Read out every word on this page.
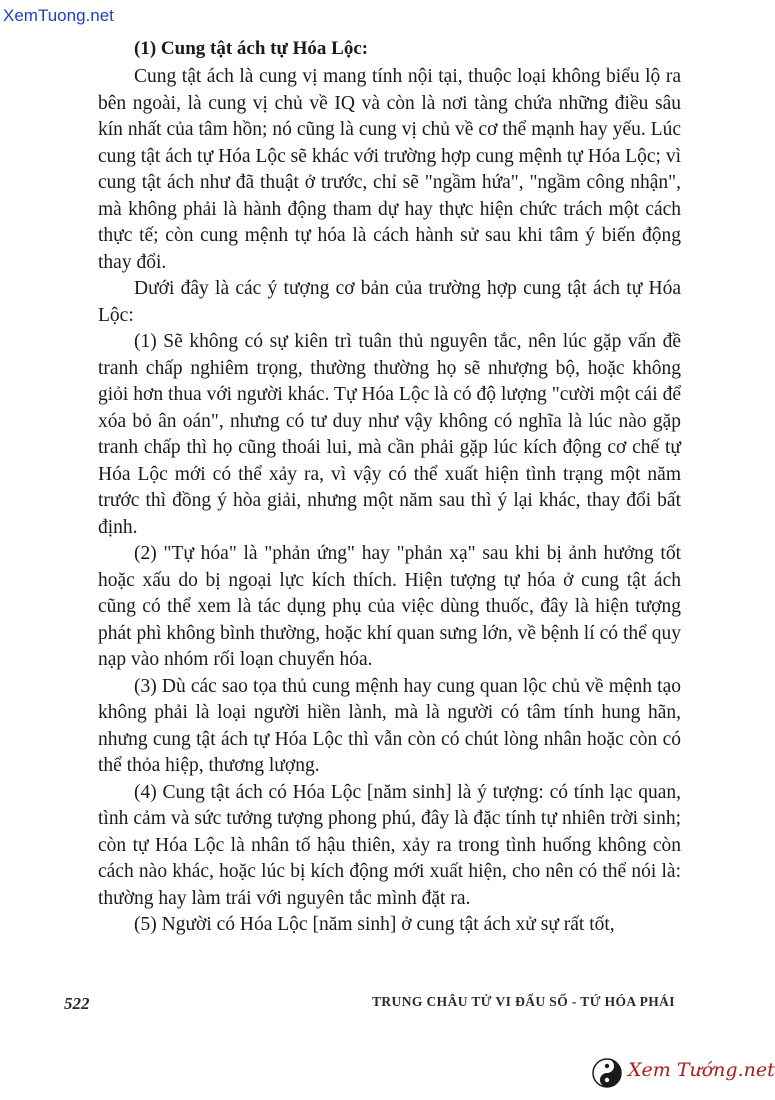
XemTuong.net
(1) Cung tật ách tự Hóa Lộc:

Cung tật ách là cung vị mang tính nội tại, thuộc loại không biểu lộ ra bên ngoài, là cung vị chủ về IQ và còn là nơi tàng chứa những điều sâu kín nhất của tâm hồn; nó cũng là cung vị chủ về cơ thể mạnh hay yếu. Lúc cung tật ách tự Hóa Lộc sẽ khác với trường hợp cung mệnh tự Hóa Lộc; vì cung tật ách như đã thuật ở trước, chỉ sẽ "ngầm hứa", "ngầm công nhận", mà không phải là hành động tham dự hay thực hiện chức trách một cách thực tế; còn cung mệnh tự hóa là cách hành sử sau khi tâm ý biến động thay đổi.

Dưới đây là các ý tượng cơ bản của trường hợp cung tật ách tự Hóa Lộc:

(1) Sẽ không có sự kiên trì tuân thủ nguyên tắc, nên lúc gặp vấn đề tranh chấp nghiêm trọng, thường thường họ sẽ nhượng bộ, hoặc không giỏi hơn thua với người khác. Tự Hóa Lộc là có độ lượng "cười một cái để xóa bỏ ân oán", nhưng có tư duy như vậy không có nghĩa là lúc nào gặp tranh chấp thì họ cũng thoái lui, mà cần phải gặp lúc kích động cơ chế tự Hóa Lộc mới có thể xảy ra, vì vậy có thể xuất hiện tình trạng một năm trước thì đồng ý hòa giải, nhưng một năm sau thì ý lại khác, thay đổi bất định.

(2) "Tự hóa" là "phản ứng" hay "phản xạ" sau khi bị ảnh hưởng tốt hoặc xấu do bị ngoại lực kích thích. Hiện tượng tự hóa ở cung tật ách cũng có thể xem là tác dụng phụ của việc dùng thuốc, đây là hiện tượng phát phì không bình thường, hoặc khí quan sưng lớn, về bệnh lí có thể quy nạp vào nhóm rối loạn chuyển hóa.

(3) Dù các sao tọa thủ cung mệnh hay cung quan lộc chủ về mệnh tạo không phải là loại người hiền lành, mà là người có tâm tính hung hãn, nhưng cung tật ách tự Hóa Lộc thì vẫn còn có chút lòng nhân hoặc còn có thể thỏa hiệp, thương lượng.

(4) Cung tật ách có Hóa Lộc [năm sinh] là ý tượng: có tính lạc quan, tình cảm và sức tưởng tượng phong phú, đây là đặc tính tự nhiên trời sinh; còn tự Hóa Lộc là nhân tố hậu thiên, xảy ra trong tình huống không còn cách nào khác, hoặc lúc bị kích động mới xuất hiện, cho nên có thể nói là: thường hay làm trái với nguyên tắc mình đặt ra.

(5) Người có Hóa Lộc [năm sinh] ở cung tật ách xử sự rất tốt,

522	TRUNG CHÂU TỬ VI ĐẨU SỐ - TỨ HÓA PHÁI
Xem Tướng.net
